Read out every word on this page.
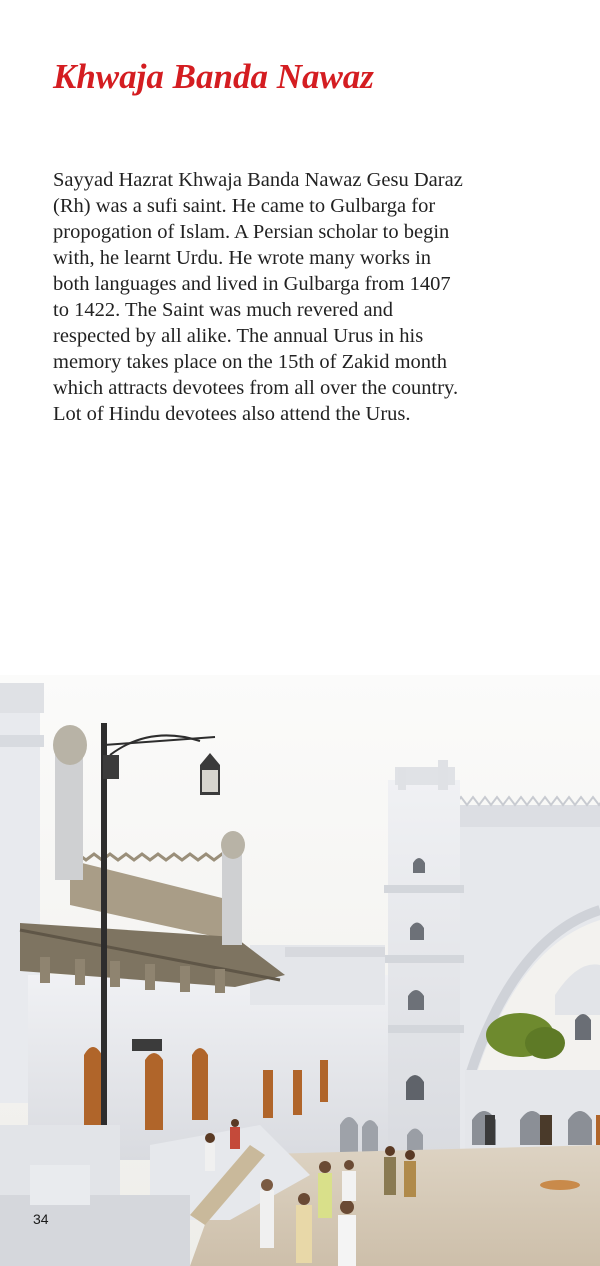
Khwaja Banda Nawaz
Sayyad Hazrat Khwaja Banda Nawaz Gesu Daraz
(Rh) was a sufi saint. He came to Gulbarga for
propogation of Islam. A Persian scholar to begin
with, he learnt Urdu. He wrote many works in
both languages and lived in Gulbarga from 1407
to 1422. The Saint was much revered and
respected by all alike. The annual Urus in his
memory takes place on the 15th of Zakid month
which attracts devotees from all over the country.
Lot of Hindu devotees also attend the Urus.
34
